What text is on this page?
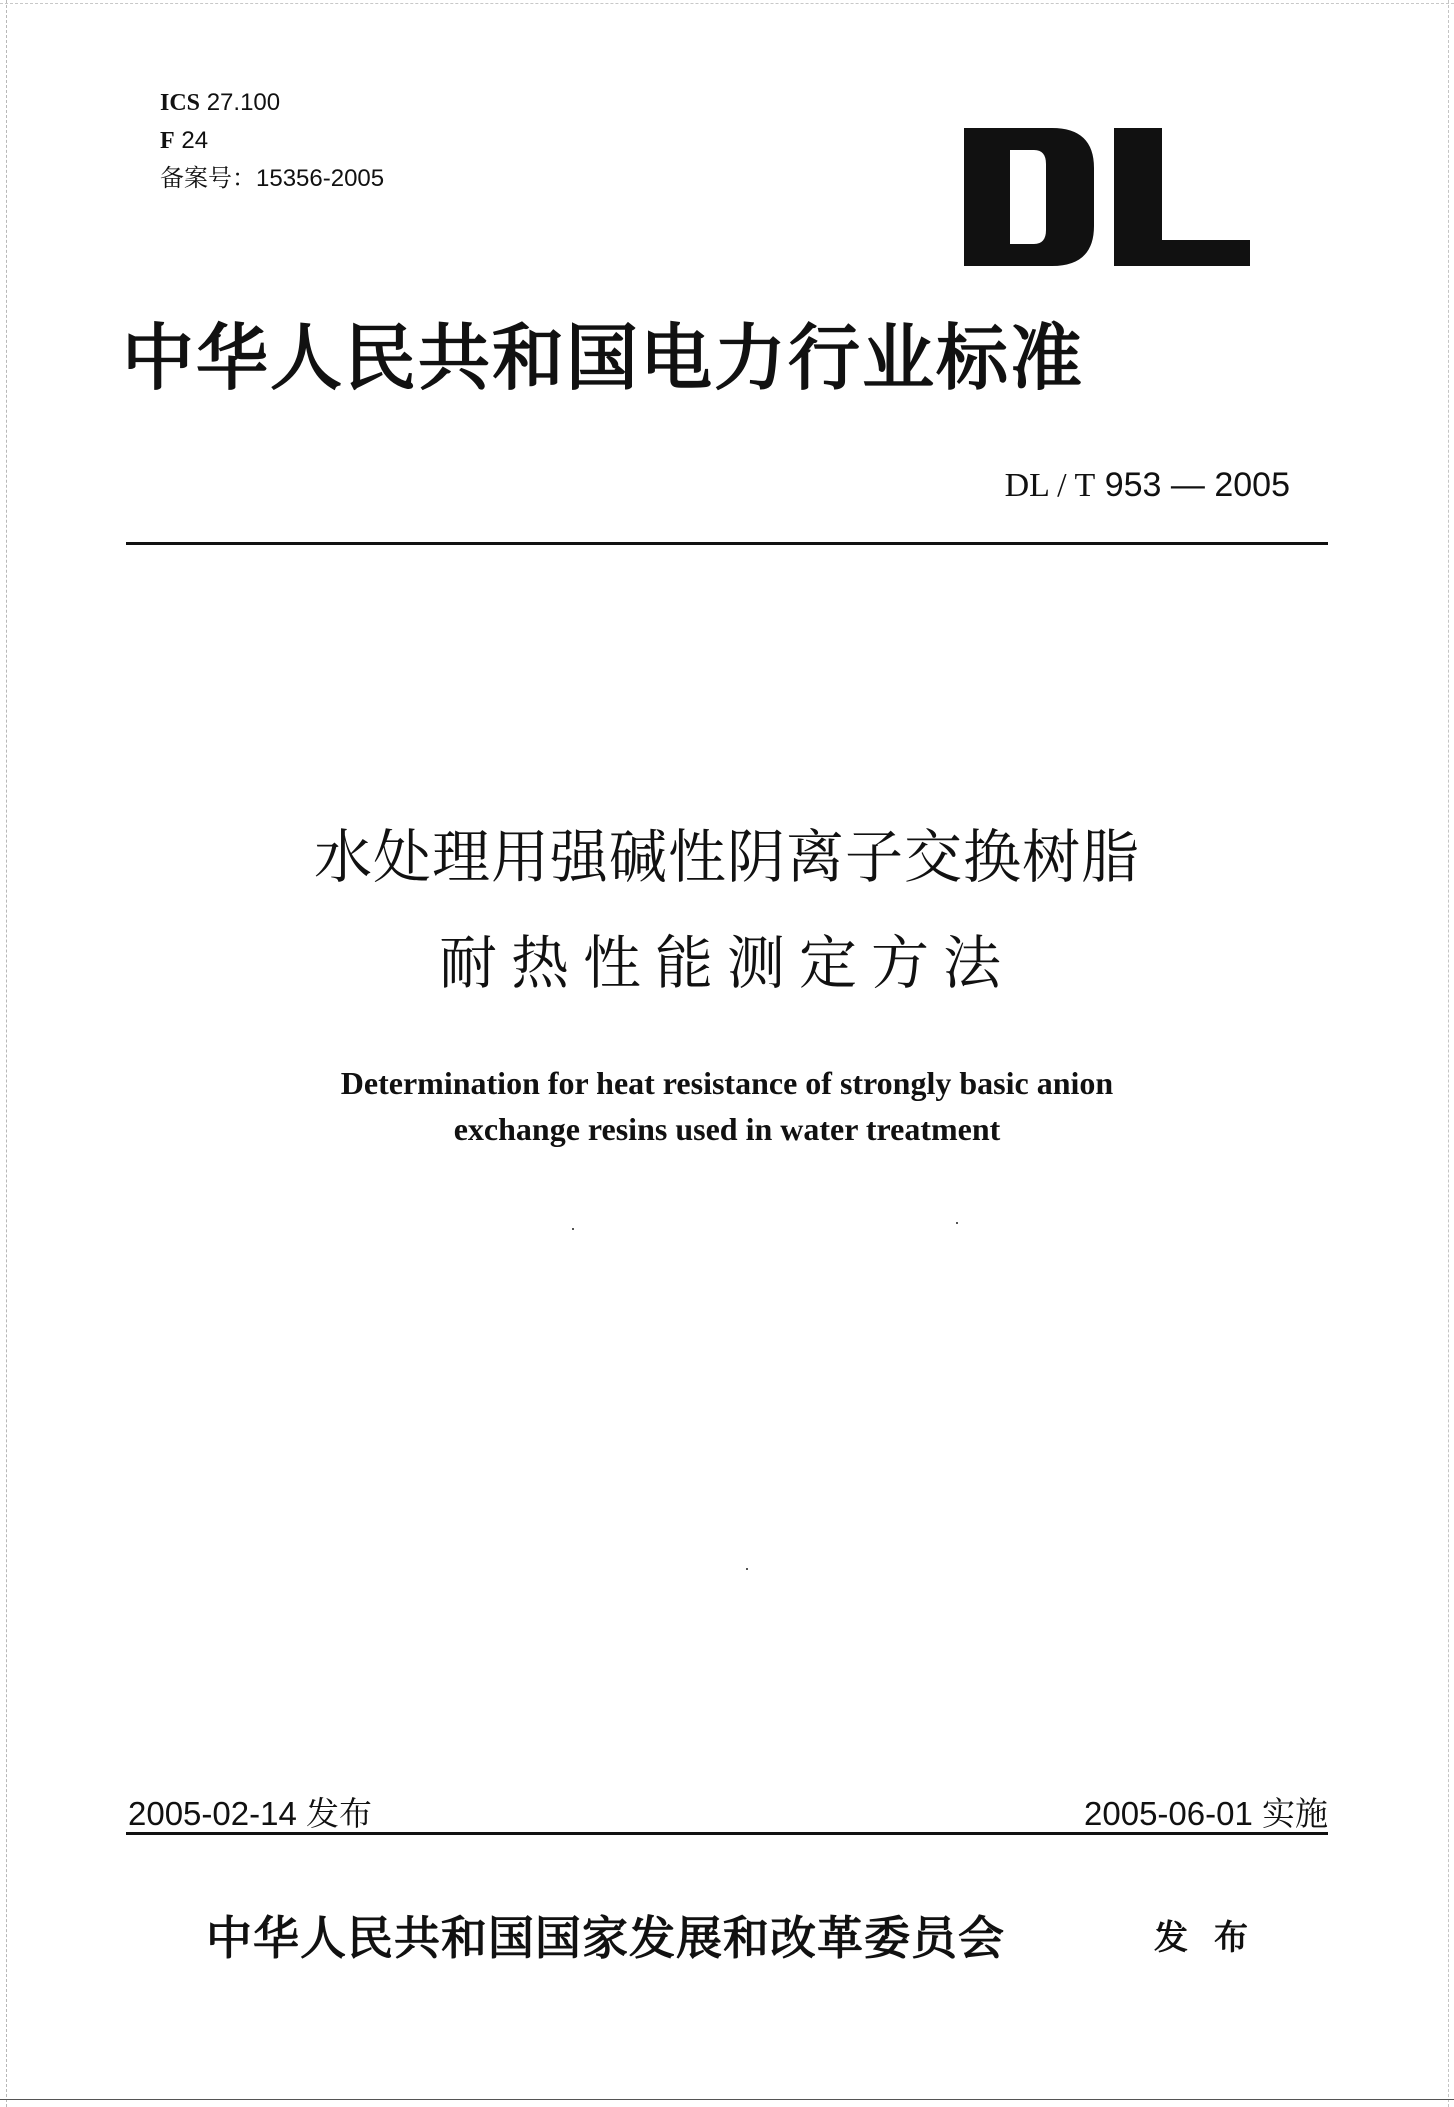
ICS 27.100
F 24
备案号：15356-2005
中华人民共和国电力行业标准
DL / T 953 — 2005
水处理用强碱性阴离子交换树脂
耐热性能测定方法
Determination for heat resistance of strongly basic anion
exchange resins used in water treatment
2005-02-14 发布	2005-06-01 实施
中华人民共和国国家发展和改革委员会	发布
